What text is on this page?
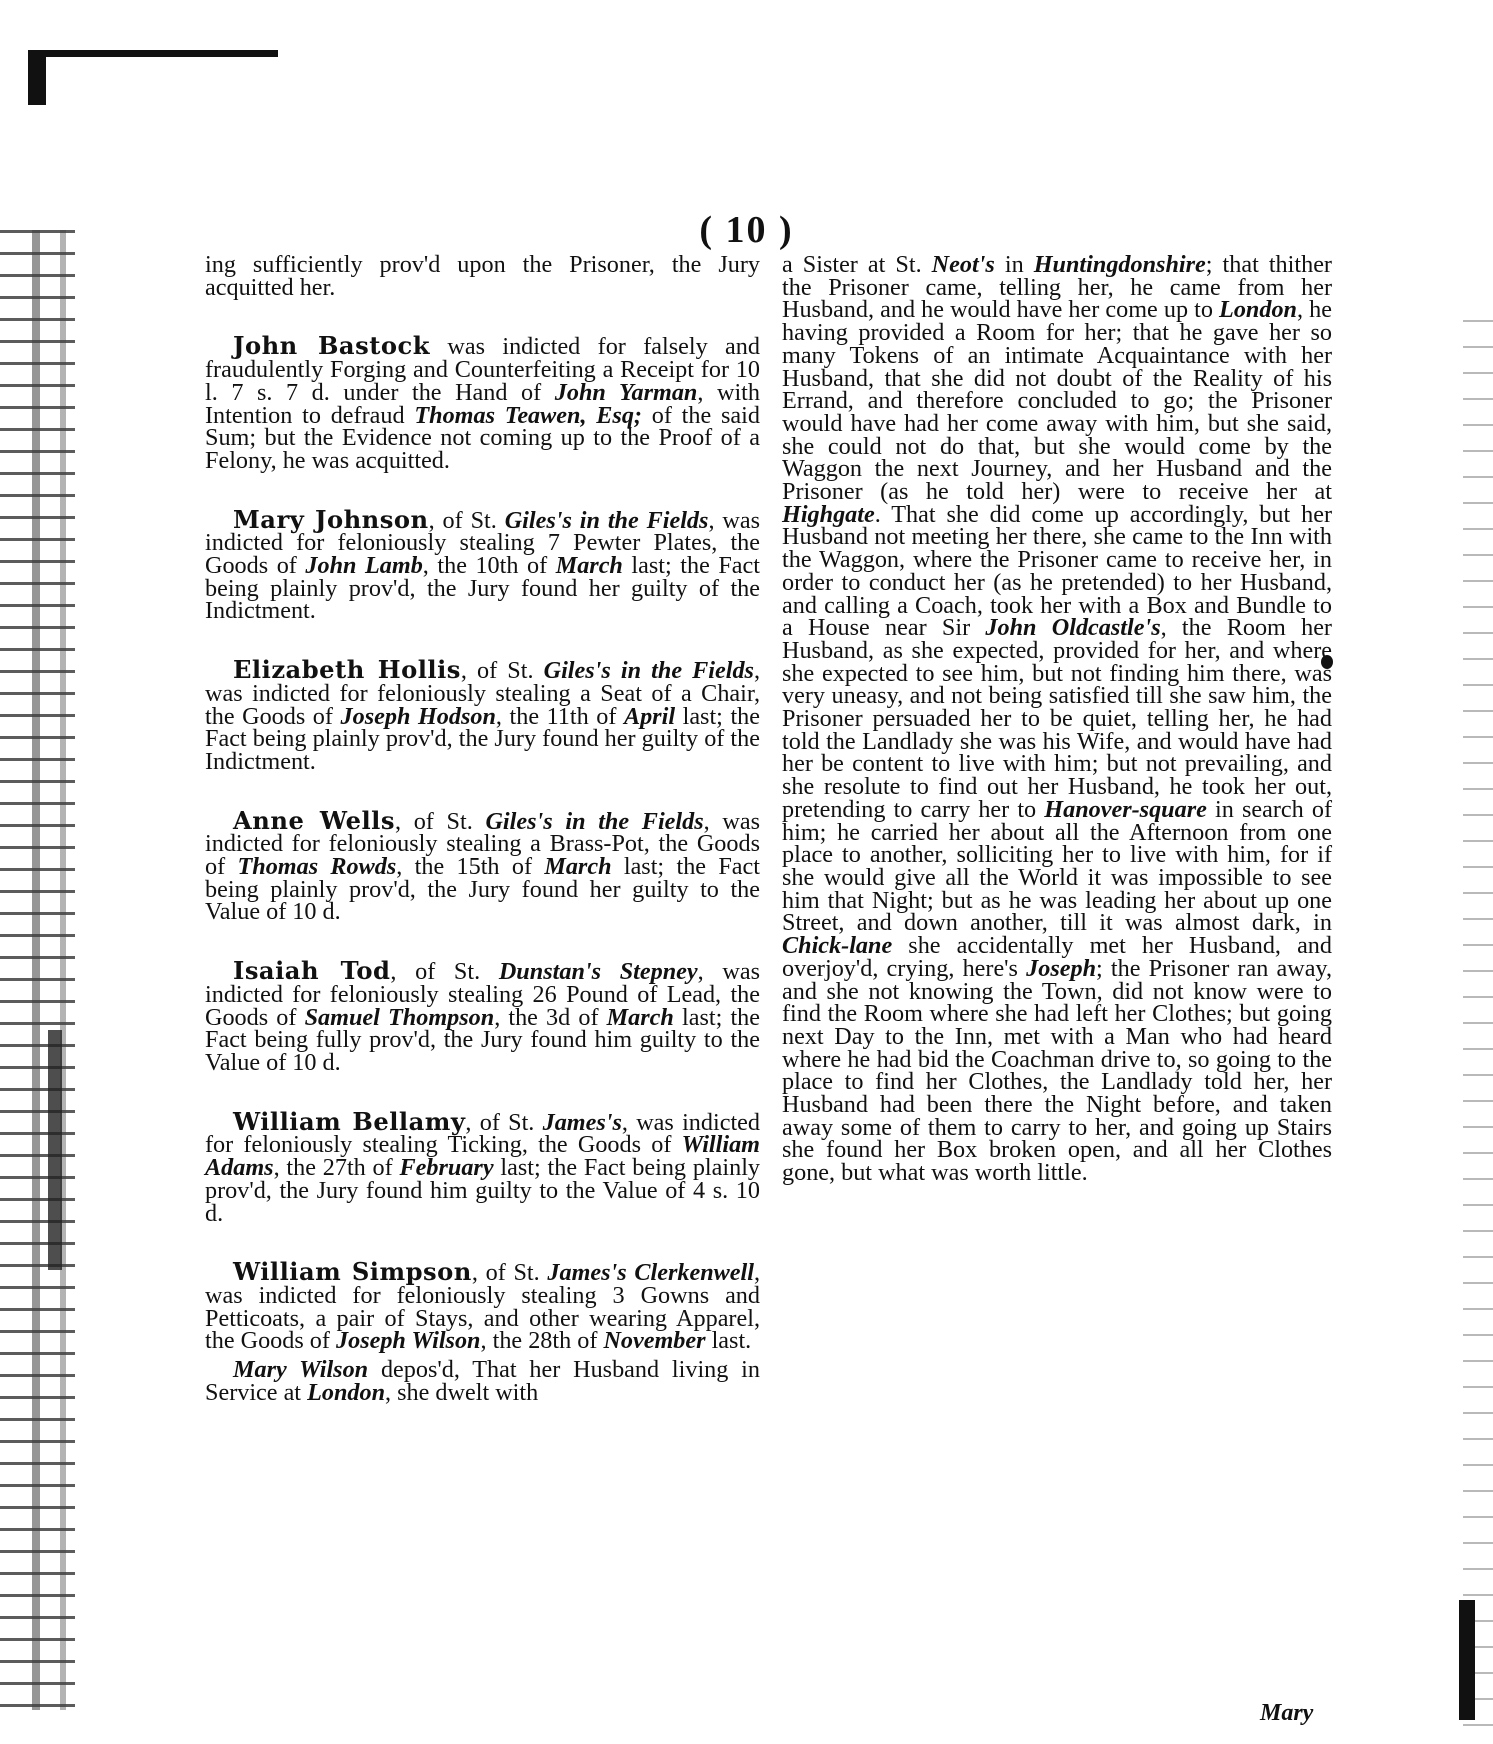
( 10 )

ing sufficiently prov'd upon the Prisoner, the Jury acquitted her.

John Bastock was indicted for falsely and fraudulently Forging and Counterfeiting a Receipt for 10 l. 7 s. 7 d. under the Hand of John Yarman, with Intention to defraud Thomas Teawen, Esq; of the said Sum; but the Evidence not coming up to the Proof of a Felony, he was acquitted.

Mary Johnson, of St. Giles's in the Fields, was indicted for feloniously stealing 7 Pewter Plates, the Goods of John Lamb, the 10th of March last; the Fact being plainly prov'd, the Jury found her guilty of the Indictment.

Elizabeth Hollis, of St. Giles's in the Fields, was indicted for feloniously stealing a Seat of a Chair, the Goods of Joseph Hodson, the 11th of April last; the Fact being plainly prov'd, the Jury found her guilty of the Indictment.

Anne Wells, of St. Giles's in the Fields, was indicted for feloniously stealing a Brass-Pot, the Goods of Thomas Rowds, the 15th of March last; the Fact being plainly prov'd, the Jury found her guilty to the Value of 10 d.

Isaiah Tod, of St. Dunstan's Stepney, was indicted for feloniously stealing 26 Pound of Lead, the Goods of Samuel Thompson, the 3d of March last; the Fact being fully prov'd, the Jury found him guilty to the Value of 10 d.

William Bellamy, of St. James's, was indicted for feloniously stealing Ticking, the Goods of William Adams, the 27th of February last; the Fact being plainly prov'd, the Jury found him guilty to the Value of 4 s. 10 d.

William Simpson, of St. James's Clerkenwell, was indicted for feloniously stealing 3 Gowns and Petticoats, a pair of Stays, and other wearing Apparel, the Goods of Joseph Wilson, the 28th of November last.

Mary Wilson depos'd, That her Husband living in Service at London, she dwelt with

a Sister at St. Neot's in Huntingdonshire; that thither the Prisoner came, telling her, he came from her Husband, and he would have her come up to London, he having provided a Room for her; that he gave her so many Tokens of an intimate Acquaintance with her Husband, that she did not doubt of the Reality of his Errand, and therefore concluded to go; the Prisoner would have had her come away with him, but she said, she could not do that, but she would come by the Waggon the next Journey, and her Husband and the Prisoner (as he told her) were to receive her at Highgate. That she did come up accordingly, but her Husband not meeting her there, she came to the Inn with the Waggon, where the Prisoner came to receive her, in order to conduct her (as he pretended) to her Husband, and calling a Coach, took her with a Box and Bundle to a House near Sir John Oldcastle's, the Room her Husband, as she expected, provided for her, and where she expected to see him, but not finding him there, was very uneasy, and not being satisfied till she saw him, the Prisoner persuaded her to be quiet, telling her, he had told the Landlady she was his Wife, and would have had her be content to live with him; but not prevailing, and she resolute to find out her Husband, he took her out, pretending to carry her to Hanover-square in search of him; he carried her about all the Afternoon from one place to another, solliciting her to live with him, for if she would give all the World it was impossible to see him that Night; but as he was leading her about up one Street, and down another, till it was almost dark, in Chick-lane she accidentally met her Husband, and overjoy'd, crying, here's Joseph; the Prisoner ran away, and she not knowing the Town, did not know were to find the Room where she had left her Clothes; but going next Day to the Inn, met with a Man who had heard where he had bid the Coachman drive to, so going to the place to find her Clothes, the Landlady told her, her Husband had been there the Night before, and taken away some of them to carry to her, and going up Stairs she found her Box broken open, and all her Clothes gone, but what was worth little.

Mary
